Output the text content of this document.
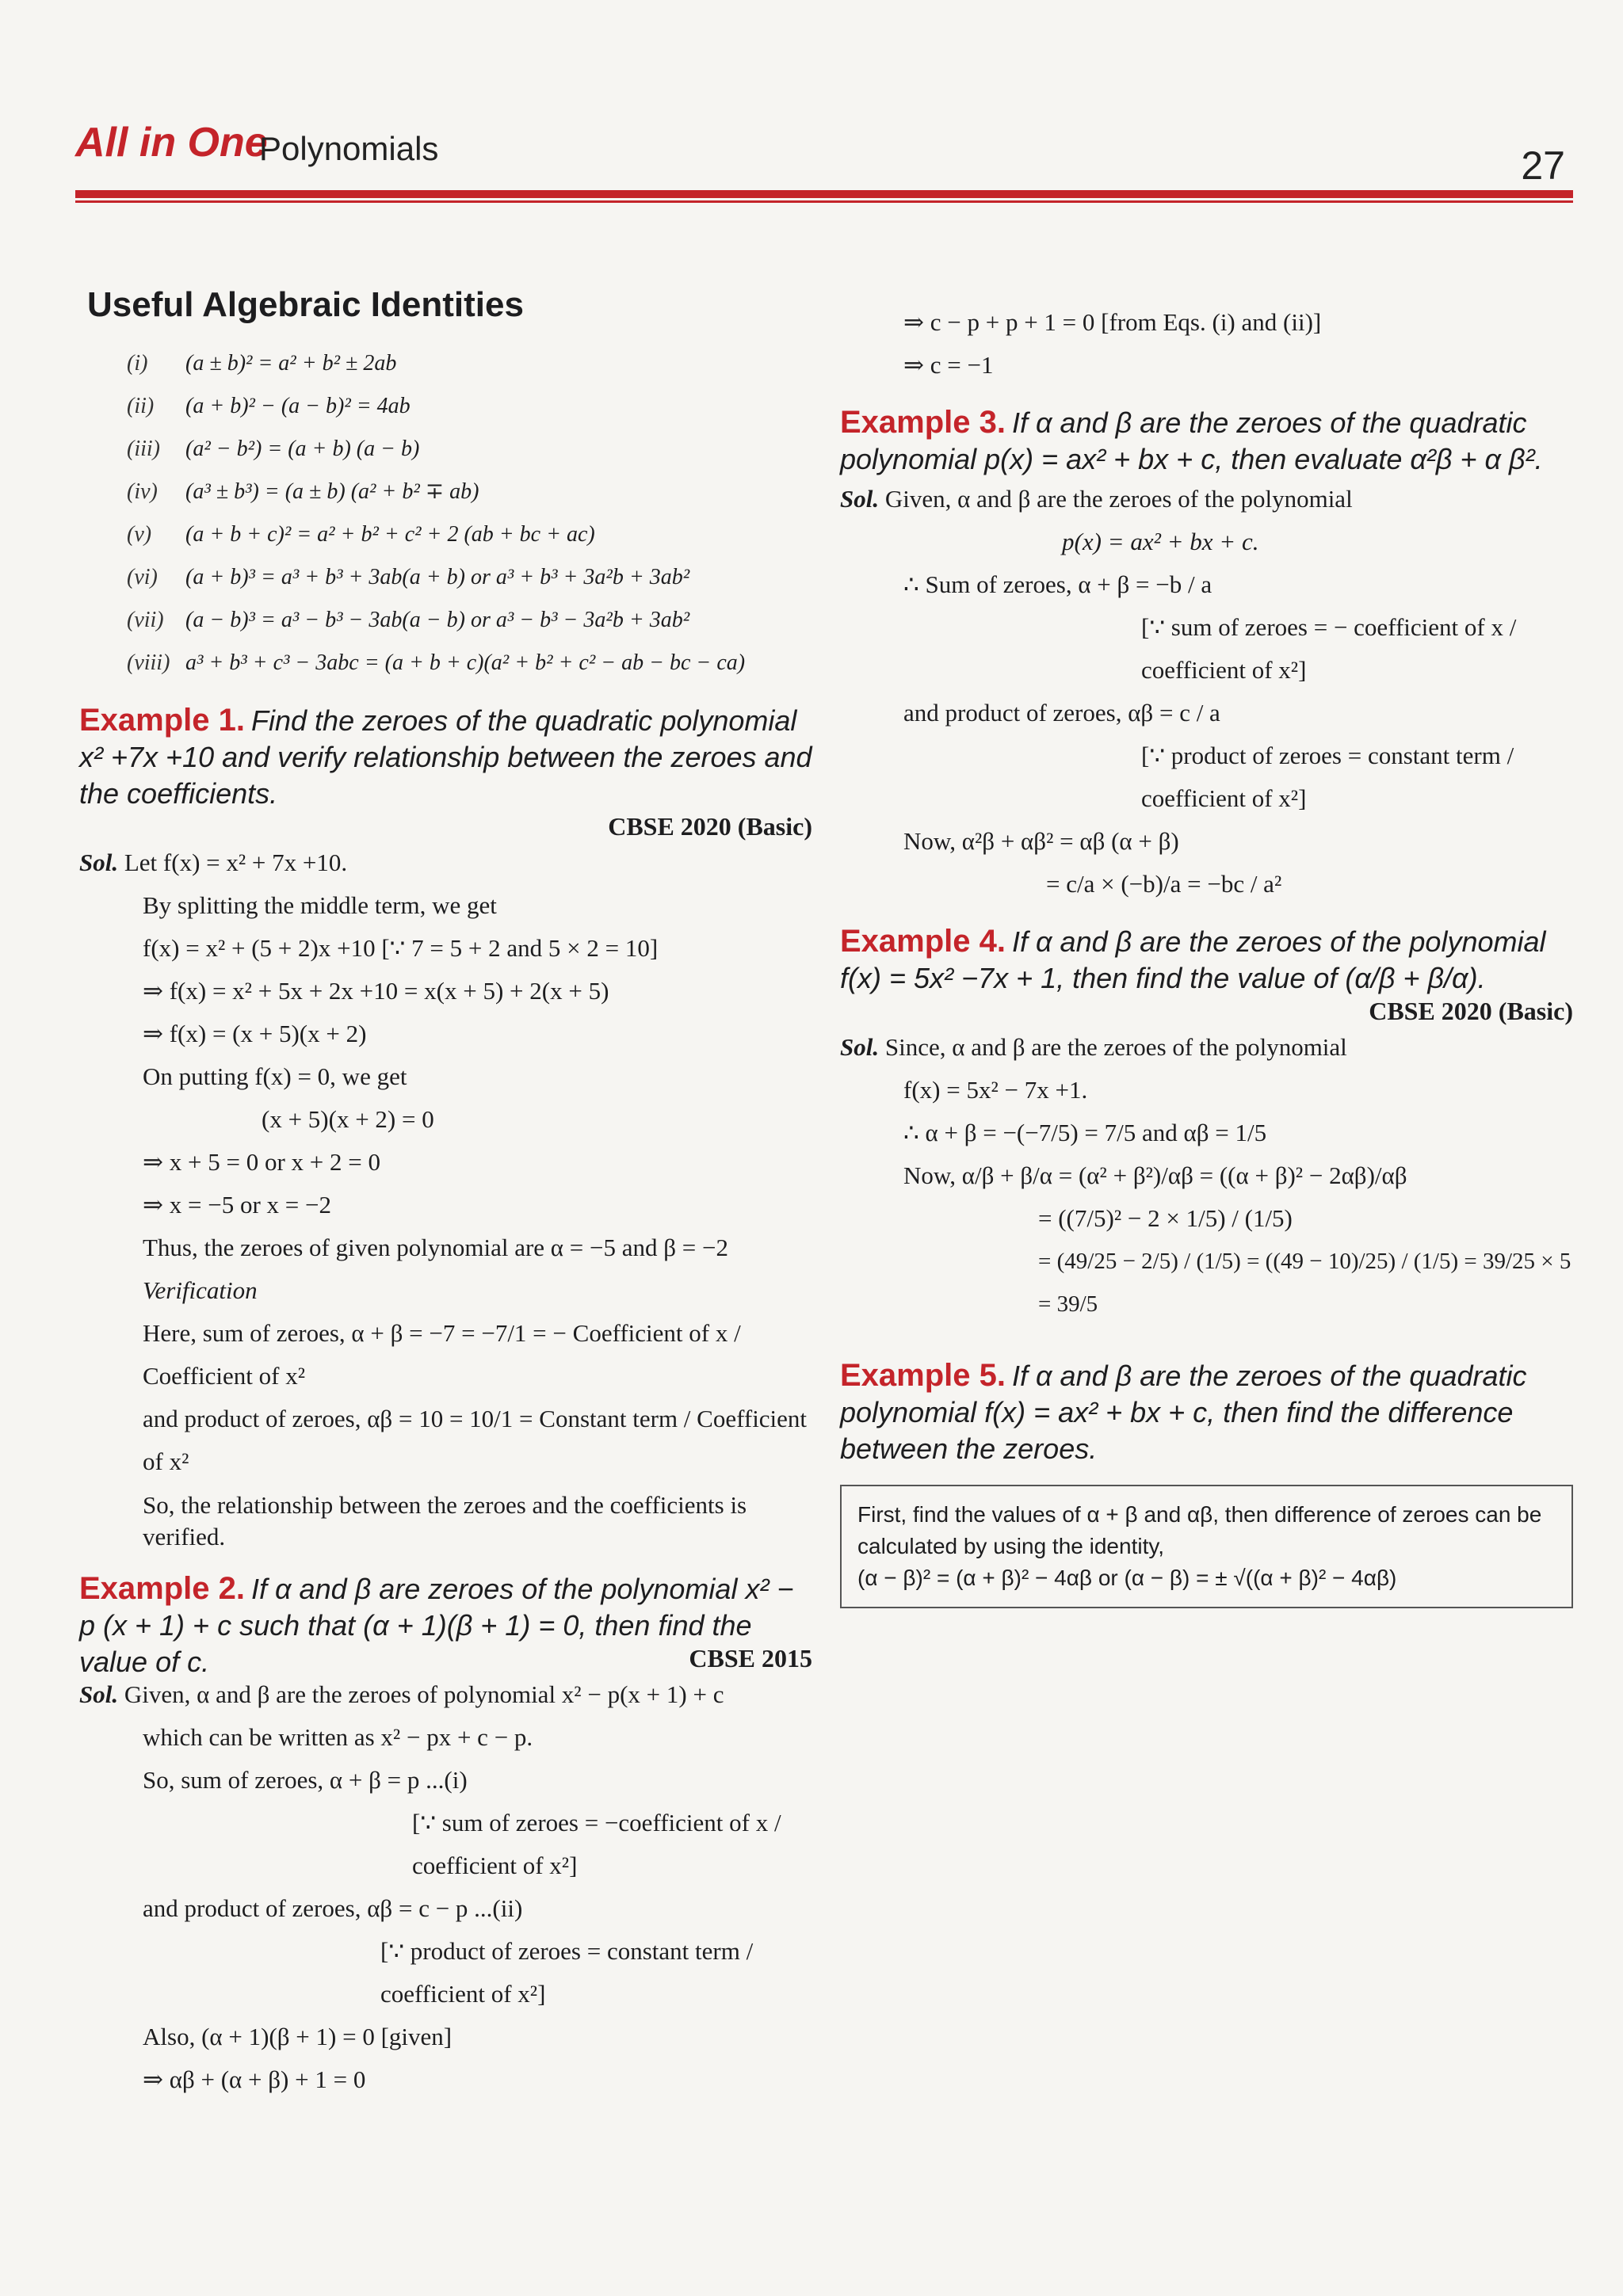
All in One
Polynomials	27
Useful Algebraic Identities
(i)	(a ± b)² = a² + b² ± 2ab
(ii)	(a + b)² − (a − b)² = 4ab
(iii)	(a² − b²) = (a + b) (a − b)
(iv)	(a³ ± b³) = (a ± b) (a² + b² ∓ ab)
(v)	(a + b + c)² = a² + b² + c² + 2 (ab + bc + ac)
(vi)	(a + b)³ = a³ + b³ + 3ab(a + b) or a³ + b³ + 3a²b + 3ab²
(vii) (a − b)³ = a³ − b³ − 3ab(a − b) or a³ − b³ − 3a²b + 3ab²
(viii) a³ + b³ + c³ − 3abc = (a + b + c)(a² + b² + c² − ab − bc − ca)
Example 1. Find the zeroes of the quadratic polynomial x² +7x +10 and verify relationship between the zeroes and the coefficients.
CBSE 2020 (Basic)
Sol. Let f(x) = x² + 7x +10.
By splitting the middle term, we get
f(x) = x² + (5 + 2)x +10 [∵ 7 = 5 + 2 and 5 × 2 = 10]
⇒ f(x) = x² + 5x + 2x +10 = x(x + 5) + 2(x + 5)
⇒ f(x) = (x + 5)(x + 2)
On putting f(x) = 0, we get
(x + 5)(x + 2) = 0
⇒ x + 5 = 0 or x + 2 = 0
⇒ x = −5 or x = −2
Thus, the zeroes of given polynomial are α = −5 and β = −2
Verification
Here, sum of zeroes, α + β = −7 = −7/1 = − Coefficient of x / Coefficient of x²
and product of zeroes, αβ = 10 = 10/1 = Constant term / Coefficient of x²
So, the relationship between the zeroes and the coefficients is verified.
Example 2. If α and β are zeroes of the polynomial x² − p (x + 1) + c such that (α + 1)(β + 1) = 0, then find the value of c.	CBSE 2015
Sol. Given, α and β are the zeroes of polynomial x² − p(x + 1) + c
which can be written as x² − px + c − p.
So, sum of zeroes, α + β = p ...(i)
[∵ sum of zeroes = −coefficient of x / coefficient of x²]
and product of zeroes, αβ = c − p ...(ii)
[∵ product of zeroes = constant term / coefficient of x²]
Also, (α + 1)(β + 1) = 0 [given]
⇒ αβ + (α + β) + 1 = 0
⇒ c − p + p + 1 = 0 [from Eqs. (i) and (ii)]
⇒ c = −1
Example 3. If α and β are the zeroes of the quadratic polynomial p(x) = ax² + bx + c, then evaluate α²β + α β².
Sol. Given, α and β are the zeroes of the polynomial
p(x) = ax² + bx + c.
∴ Sum of zeroes, α + β = −b / a
[∵ sum of zeroes = − coefficient of x / coefficient of x²]
and product of zeroes, αβ = c / a
[∵ product of zeroes = constant term / coefficient of x²]
Now, α²β + αβ² = αβ (α + β)
= c/a × (−b)/a = −bc / a²
Example 4. If α and β are the zeroes of the polynomial f(x) = 5x² −7x + 1, then find the value of (α/β + β/α).
CBSE 2020 (Basic)
Sol. Since, α and β are the zeroes of the polynomial
f(x) = 5x² − 7x +1.
∴ α + β = −(−7/5) = 7/5 and αβ = 1/5
Now, α/β + β/α = (α² + β²)/αβ = ((α + β)² − 2αβ)/αβ
= ((7/5)² − 2 × 1/5) / (1/5)
= (49/25 − 2/5) / (1/5) = ((49 − 10)/25) / (1/5) = 39/25 × 5 = 39/5
Example 5. If α and β are the zeroes of the quadratic polynomial f(x) = ax² + bx + c, then find the difference between the zeroes.
First, find the values of α + β and αβ, then difference of zeroes can be calculated by using the identity,
(α − β)² = (α + β)² − 4αβ or (α − β) = ± √((α + β)² − 4αβ)
